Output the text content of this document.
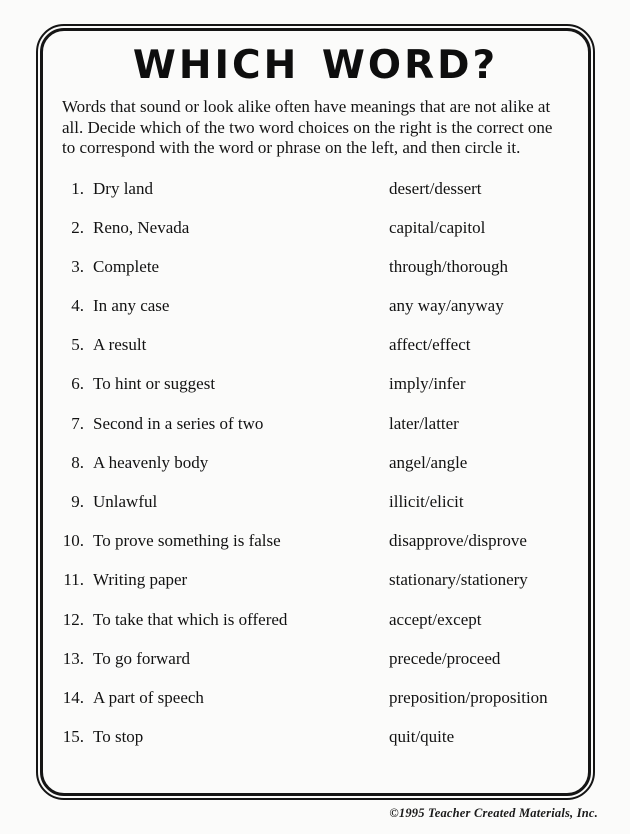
WHICH WORD?
Words that sound or look alike often have meanings that are not alike at all. Decide which of the two word choices on the right is the correct one to correspond with the word or phrase on the left, and then circle it.
1. Dry land	desert/dessert
2. Reno, Nevada	capital/capitol
3. Complete	through/thorough
4. In any case	any way/anyway
5. A result	affect/effect
6. To hint or suggest	imply/infer
7. Second in a series of two	later/latter
8. A heavenly body	angel/angle
9. Unlawful	illicit/elicit
10. To prove something is false	disapprove/disprove
11. Writing paper	stationary/stationery
12. To take that which is offered	accept/except
13. To go forward	precede/proceed
14. A part of speech	preposition/proposition
15. To stop	quit/quite
©1995 Teacher Created Materials, Inc.
